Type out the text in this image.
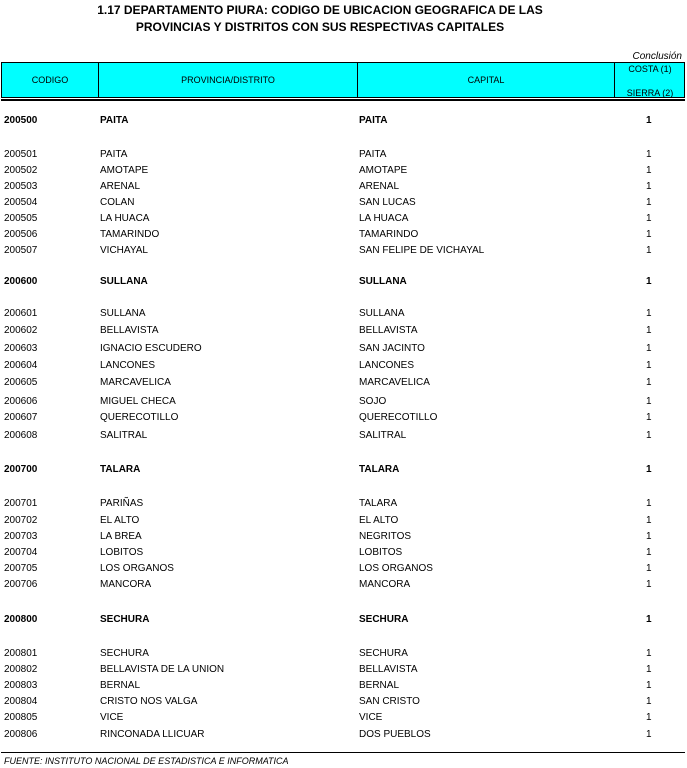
1.17 DEPARTAMENTO PIURA: CODIGO DE UBICACION GEOGRAFICA DE LAS
PROVINCIAS Y DISTRITOS CON SUS RESPECTIVAS CAPITALES
Conclusión
CODIGO	PROVINCIA/DISTRITO	CAPITAL
COSTA (1)
SIERRA (2)
200500	PAITA	PAITA	1
200501	PAITA	PAITA	1
200502	AMOTAPE	AMOTAPE	1
200503	ARENAL	ARENAL	1
200504	COLAN	SAN LUCAS	1
200505	LA HUACA	LA HUACA	1
200506	TAMARINDO	TAMARINDO	1
200507	VICHAYAL	SAN FELIPE DE VICHAYAL	1
200600	SULLANA	SULLANA	1
200601	SULLANA	SULLANA	1
200602	BELLAVISTA	BELLAVISTA	1
200603	IGNACIO ESCUDERO	SAN JACINTO	1
200604	LANCONES	LANCONES	1
200605	MARCAVELICA	MARCAVELICA	1
200606	MIGUEL CHECA	SOJO	1
200607	QUERECOTILLO	QUERECOTILLO	1
200608	SALITRAL	SALITRAL	1
200700	TALARA	TALARA	1
200701	PARIÑAS	TALARA	1
200702	EL ALTO	EL ALTO	1
200703	LA BREA	NEGRITOS	1
200704	LOBITOS	LOBITOS	1
200705	LOS ORGANOS	LOS ORGANOS	1
200706	MANCORA	MANCORA	1
200800	SECHURA	SECHURA	1
200801	SECHURA	SECHURA	1
200802	BELLAVISTA DE LA UNION	BELLAVISTA	1
200803	BERNAL	BERNAL	1
200804	CRISTO NOS VALGA	SAN CRISTO	1
200805	VICE	VICE	1
200806	RINCONADA LLICUAR	DOS PUEBLOS	1
FUENTE: INSTITUTO NACIONAL DE ESTADISTICA E INFORMATICA
